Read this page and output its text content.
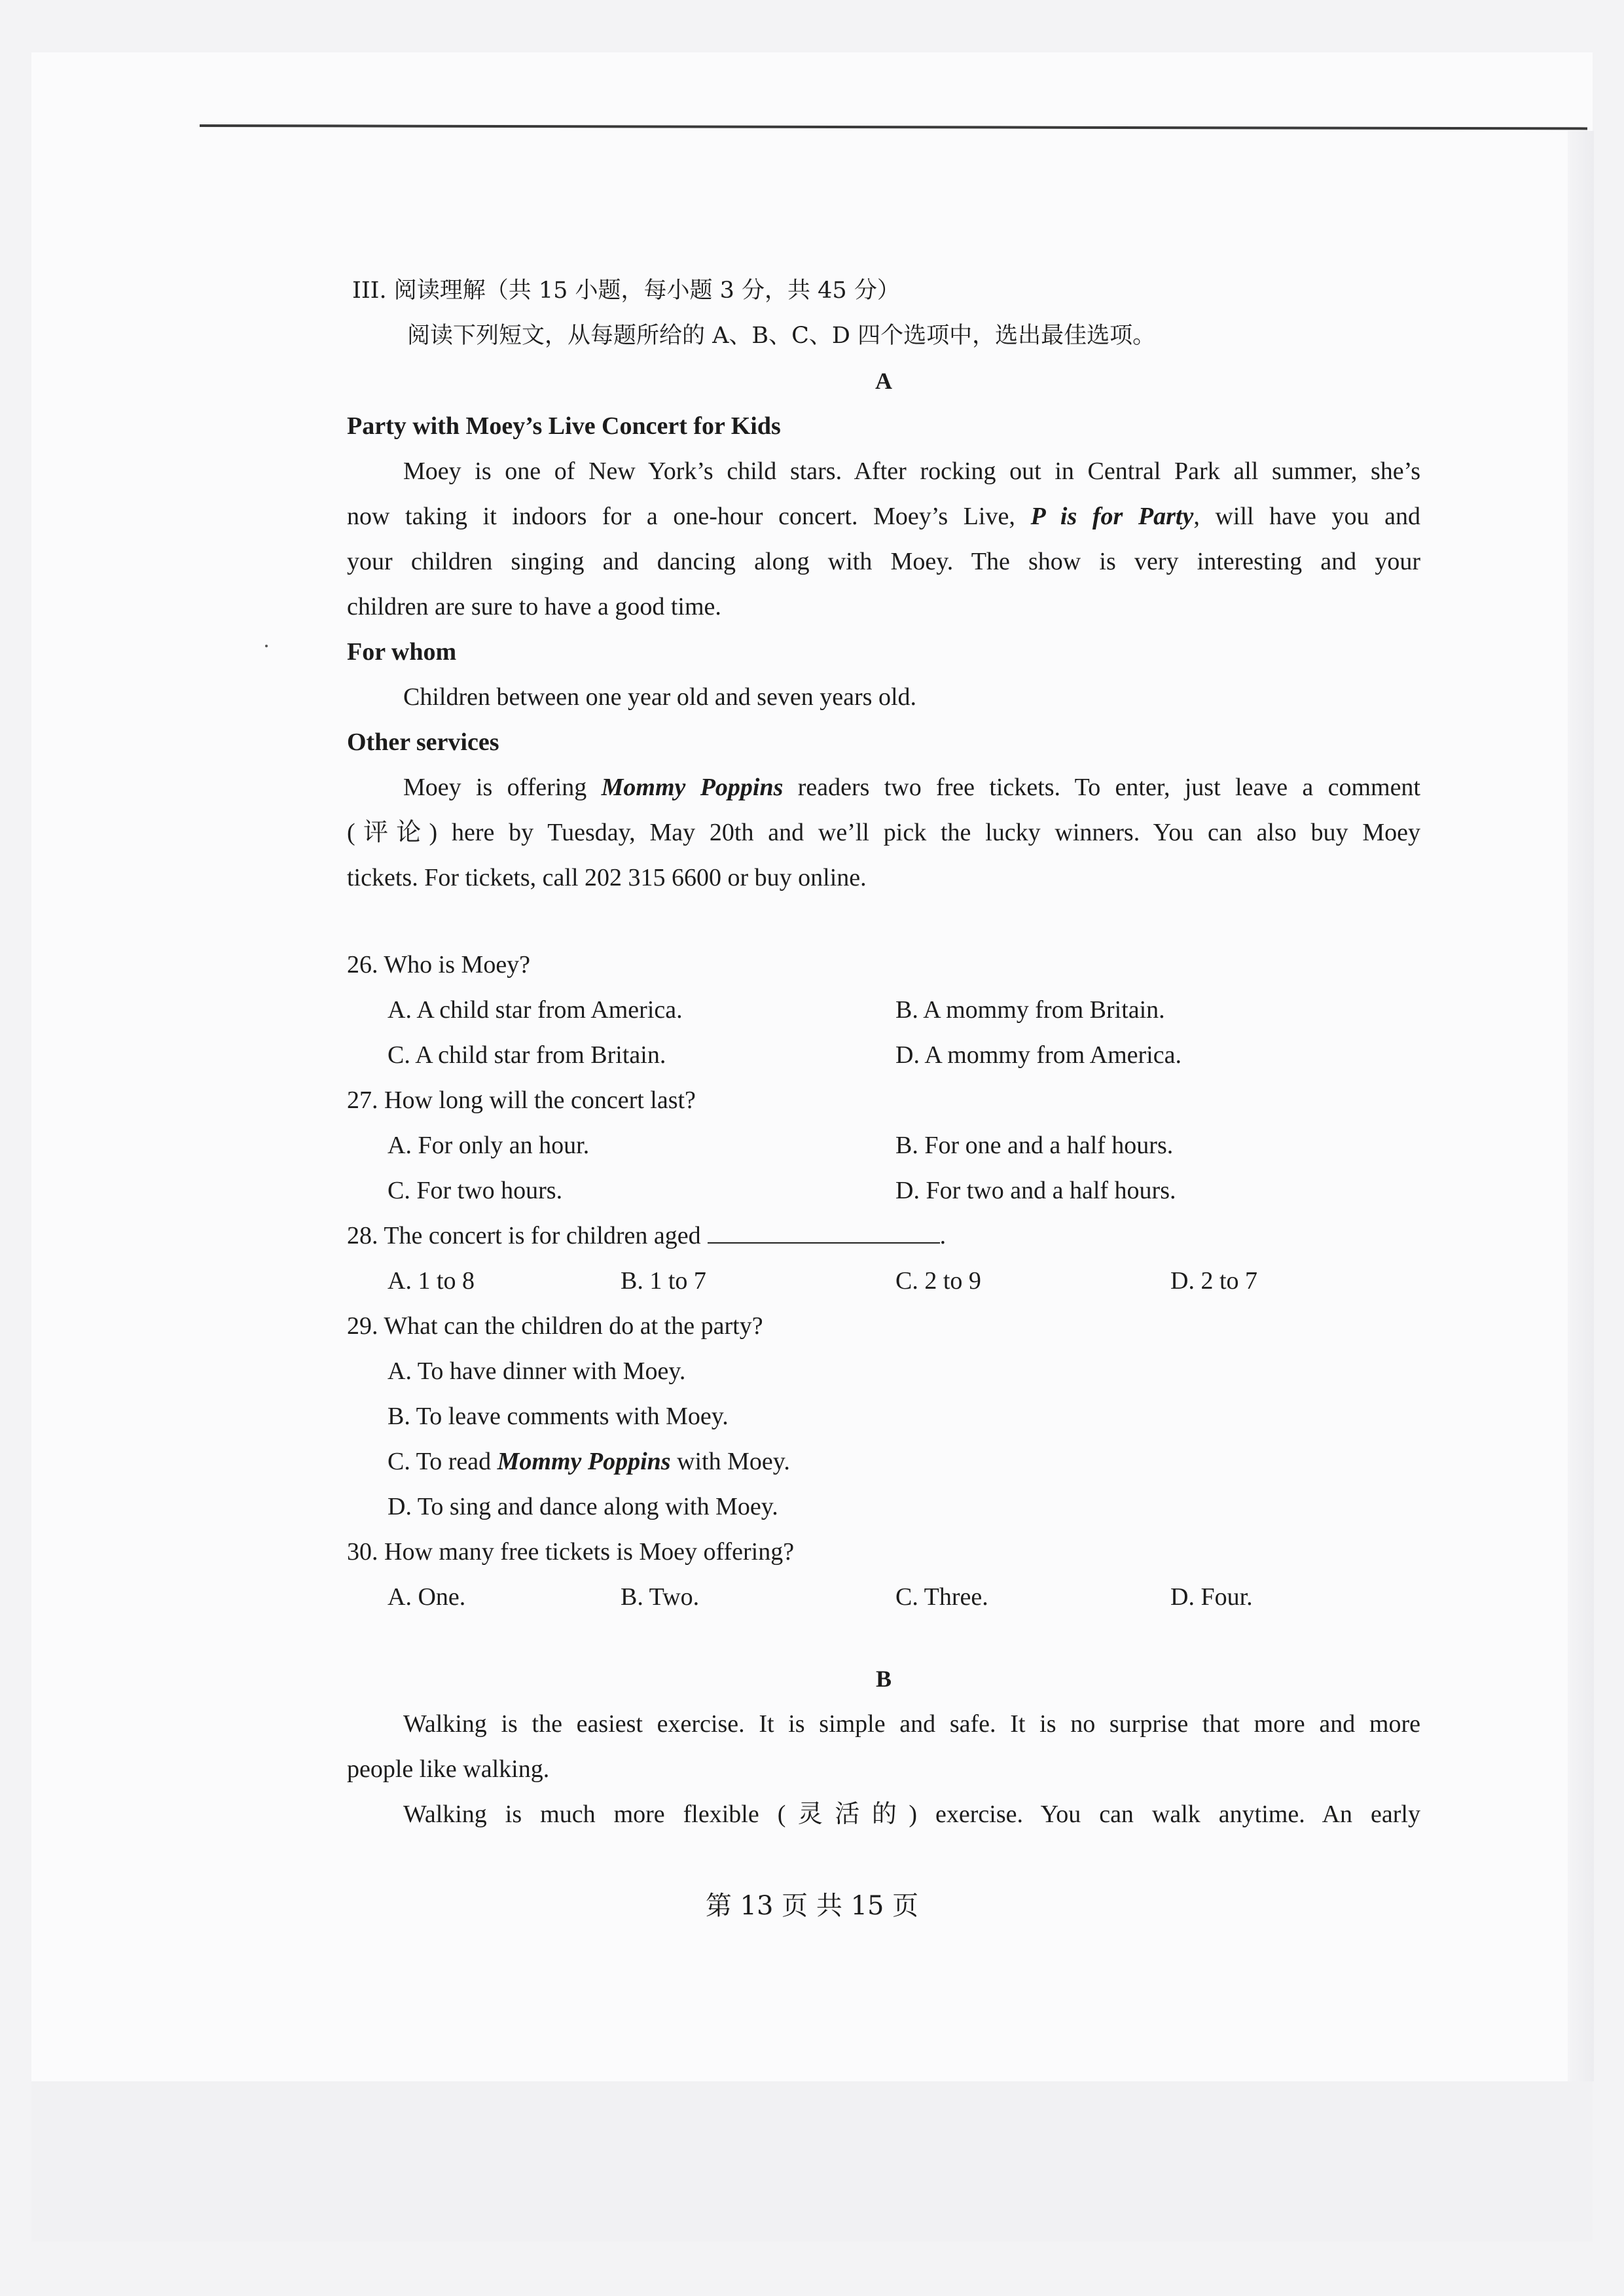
III. 阅读理解（共 15 小题，每小题 3 分，共 45 分）
阅读下列短文，从每题所给的 A、B、C、D 四个选项中，选出最佳选项。
A
Party with Moey’s Live Concert for Kids
Moey is one of New York’s child stars. After rocking out in Central Park all summer, she’s
now taking it indoors for a one-hour concert. Moey’s Live, P is for Party, will have you and
your children singing and dancing along with Moey. The show is very interesting and your
children are sure to have a good time.
For whom
Children between one year old and seven years old.
Other services
Moey is offering Mommy Poppins readers two free tickets. To enter, just leave a comment
(评论) here by Tuesday, May 20th and we’ll pick the lucky winners. You can also buy Moey
tickets. For tickets, call 202 315 6600 or buy online.
26. Who is Moey?
A. A child star from America.	B. A mommy from Britain.
C. A child star from Britain.	D. A mommy from America.
27. How long will the concert last?
A. For only an hour.	B. For one and a half hours.
C. For two hours.	D. For two and a half hours.
28. The concert is for children aged	.
A. 1 to 8	B. 1 to 7	C. 2 to 9	D. 2 to 7
29. What can the children do at the party?
A. To have dinner with Moey.
B. To leave comments with Moey.
C. To read Mommy Poppins with Moey.
D. To sing and dance along with Moey.
30. How many free tickets is Moey offering?
A. One.	B. Two.	C. Three.	D. Four.
B
Walking is the easiest exercise. It is simple and safe. It is no surprise that more and more
people like walking.
Walking is much more flexible (灵活的) exercise. You can walk anytime. An early
第 13 页 共 15 页
